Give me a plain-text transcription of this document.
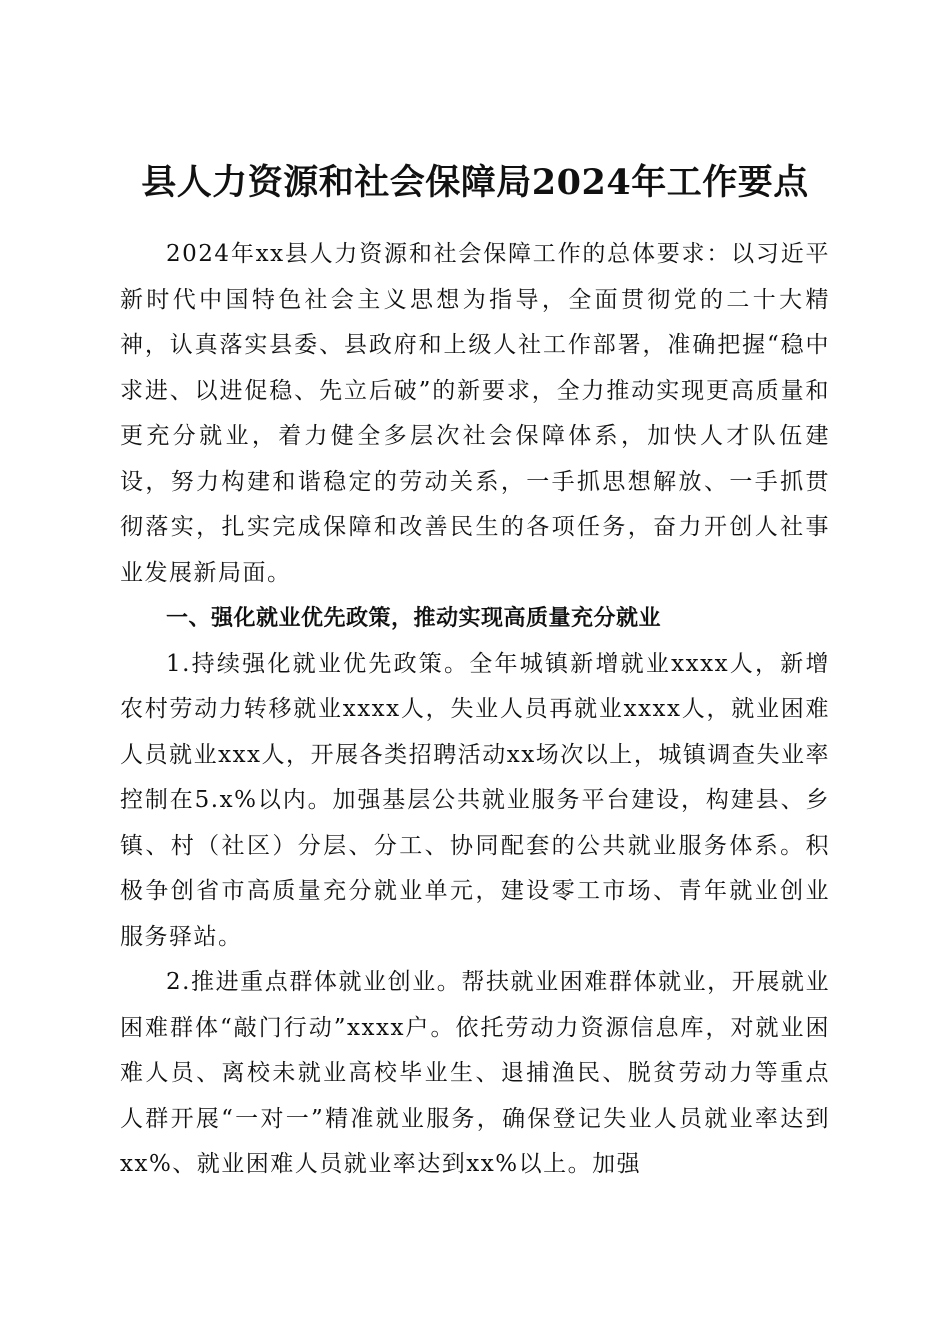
县人力资源和社会保障局2024年工作要点

2024年xx县人力资源和社会保障工作的总体要求：以习近平新时代中国特色社会主义思想为指导，全面贯彻党的二十大精神，认真落实县委、县政府和上级人社工作部署，准确把握“稳中求进、以进促稳、先立后破”的新要求，全力推动实现更高质量和更充分就业，着力健全多层次社会保障体系，加快人才队伍建设，努力构建和谐稳定的劳动关系，一手抓思想解放、一手抓贯彻落实，扎实完成保障和改善民生的各项任务，奋力开创人社事业发展新局面。

一、强化就业优先政策，推动实现高质量充分就业

1.持续强化就业优先政策。全年城镇新增就业xxxx人，新增农村劳动力转移就业xxxx人，失业人员再就业xxxx人，就业困难人员就业xxx人，开展各类招聘活动xx场次以上，城镇调查失业率控制在5.x%以内。加强基层公共就业服务平台建设，构建县、乡镇、村（社区）分层、分工、协同配套的公共就业服务体系。积极争创省市高质量充分就业单元，建设零工市场、青年就业创业服务驿站。

2.推进重点群体就业创业。帮扶就业困难群体就业，开展就业困难群体“敲门行动”xxxx户。依托劳动力资源信息库，对就业困难人员、离校未就业高校毕业生、退捕渔民、脱贫劳动力等重点人群开展“一对一”精准就业服务，确保登记失业人员就业率达到xx%、就业困难人员就业率达到xx%以上。加强
